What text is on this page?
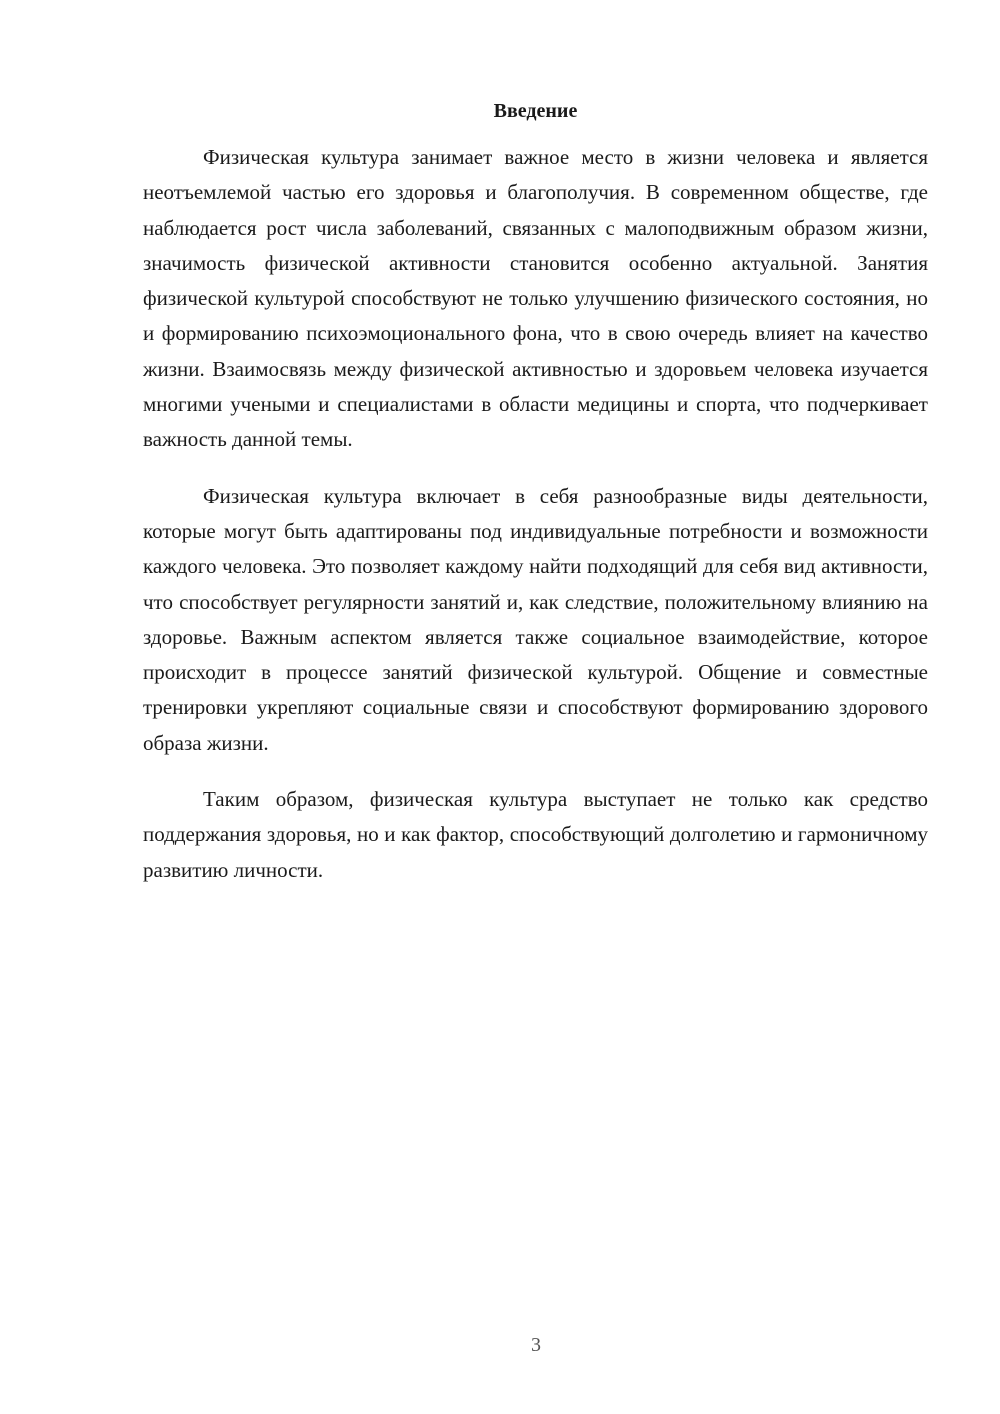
Введение

Физическая культура занимает важное место в жизни человека и является неотъемлемой частью его здоровья и благополучия. В современном обществе, где наблюдается рост числа заболеваний, связанных с малоподвижным образом жизни, значимость физической активности становится особенно актуальной. Занятия физической культурой способствуют не только улучшению физического состояния, но и формированию психоэмоционального фона, что в свою очередь влияет на качество жизни. Взаимосвязь между физической активностью и здоровьем человека изучается многими учеными и специалистами в области медицины и спорта, что подчеркивает важность данной темы.

Физическая культура включает в себя разнообразные виды деятельности, которые могут быть адаптированы под индивидуальные потребности и возможности каждого человека. Это позволяет каждому найти подходящий для себя вид активности, что способствует регулярности занятий и, как следствие, положительному влиянию на здоровье. Важным аспектом является также социальное взаимодействие, которое происходит в процессе занятий физической культурой. Общение и совместные тренировки укрепляют социальные связи и способствуют формированию здорового образа жизни.

Таким образом, физическая культура выступает не только как средство поддержания здоровья, но и как фактор, способствующий долголетию и гармоничному развитию личности.

3
